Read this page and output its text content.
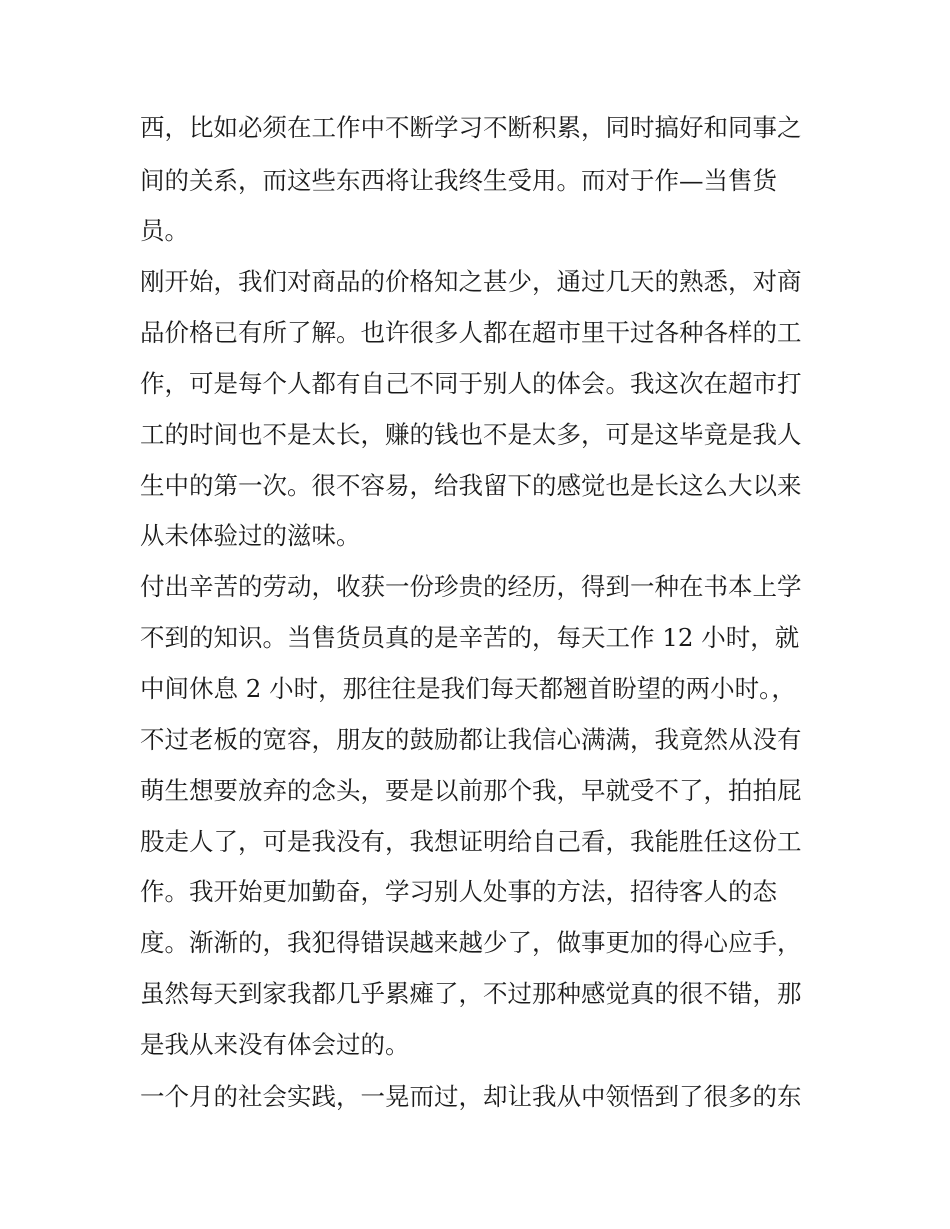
西，比如必须在工作中不断学习不断积累，同时搞好和同事之
间的关系，而这些东西将让我终生受用。而对于作—当售货
员。
刚开始，我们对商品的价格知之甚少，通过几天的熟悉，对商
品价格已有所了解。也许很多人都在超市里干过各种各样的工
作，可是每个人都有自己不同于别人的体会。我这次在超市打
工的时间也不是太长，赚的钱也不是太多，可是这毕竟是我人
生中的第一次。很不容易，给我留下的感觉也是长这么大以来
从未体验过的滋味。
付出辛苦的劳动，收获一份珍贵的经历，得到一种在书本上学
不到的知识。当售货员真的是辛苦的，每天工作 12 小时，就
中间休息 2 小时，那往往是我们每天都翘首盼望的两小时。，
不过老板的宽容，朋友的鼓励都让我信心满满，我竟然从没有
萌生想要放弃的念头，要是以前那个我，早就受不了，拍拍屁
股走人了，可是我没有，我想证明给自己看，我能胜任这份工
作。我开始更加勤奋，学习别人处事的方法，招待客人的态
度。渐渐的，我犯得错误越来越少了，做事更加的得心应手，
虽然每天到家我都几乎累瘫了，不过那种感觉真的很不错，那
是我从来没有体会过的。
一个月的社会实践，一晃而过，却让我从中领悟到了很多的东
